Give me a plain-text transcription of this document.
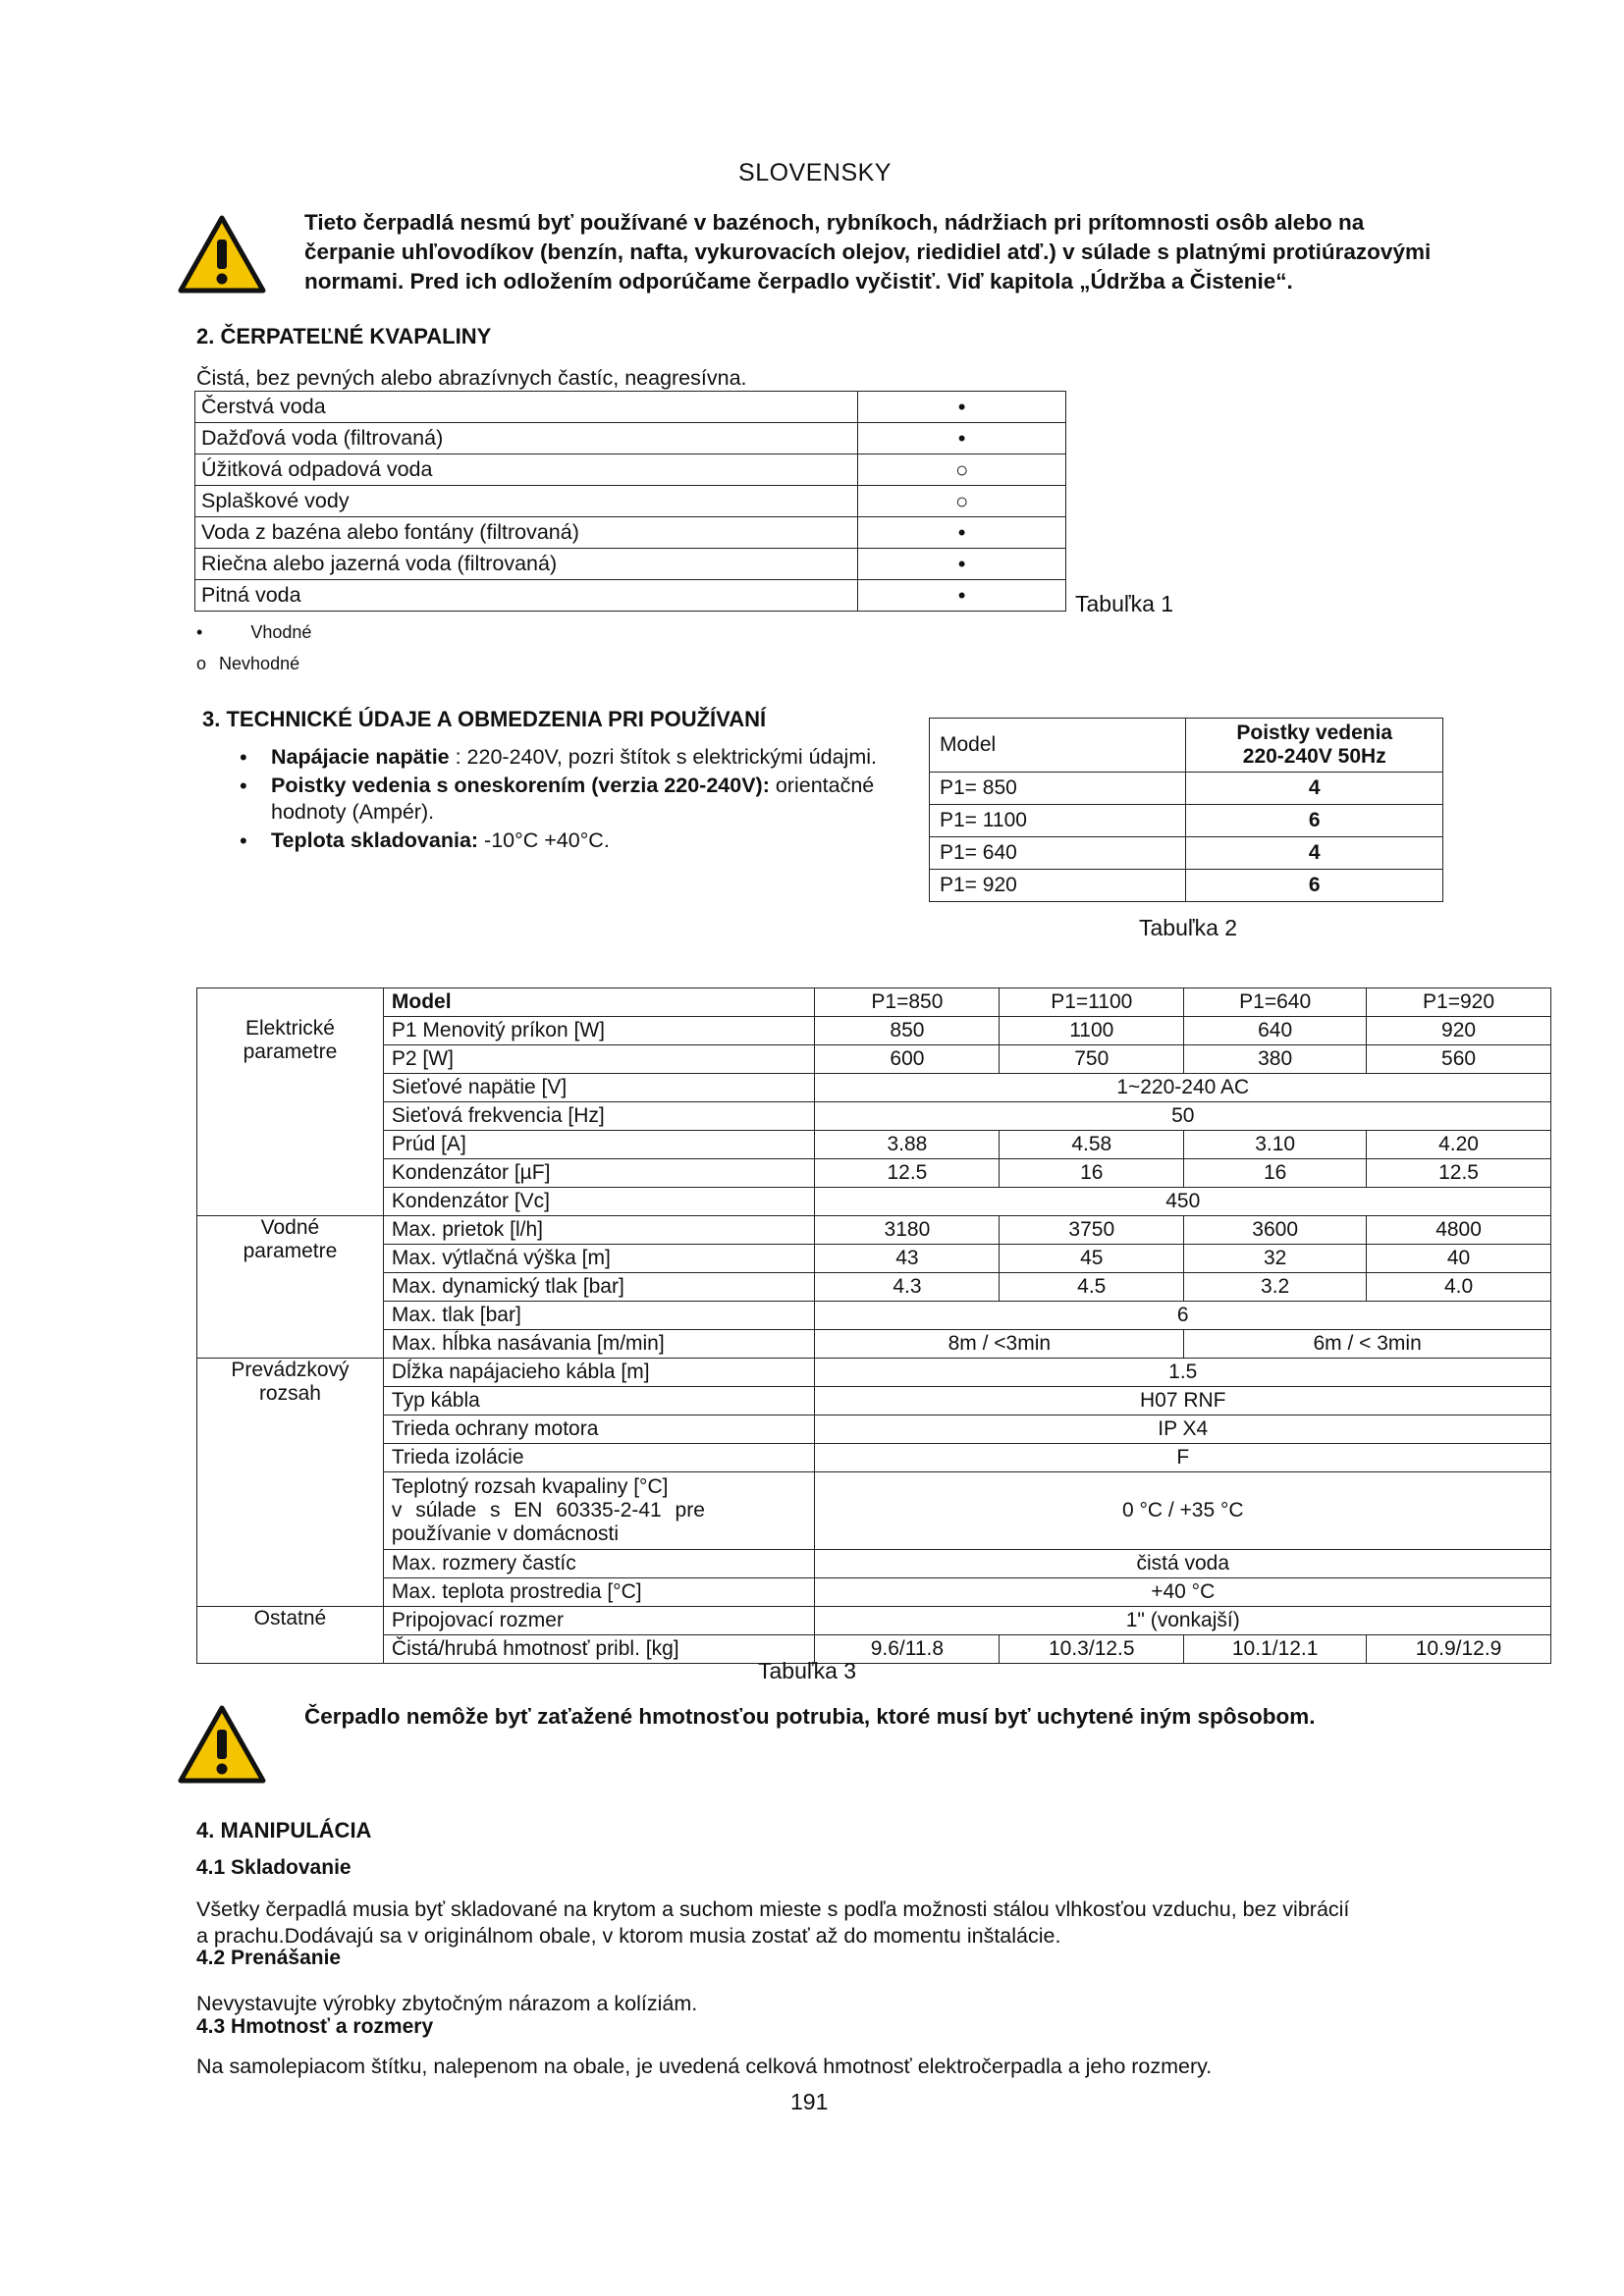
SLOVENSKY
Tieto čerpadlá nesmú byť používané v bazénoch, rybníkoch, nádržiach pri prítomnosti osôb alebo na čerpanie uhľovodíkov (benzín, nafta, vykurovacích olejov, riedidiel atď.) v súlade s platnými protiúrazovými normami. Pred ich odložením odporúčame čerpadlo vyčistiť. Viď kapitola „Údržba a Čistenie“.
2. ČERPATEĽNÉ KVAPALINY
Čistá, bez pevných alebo abrazívnych častíc, neagresívna.
Čerstvá voda	•
Dažďová voda (filtrovaná)	•
Úžitková odpadová voda	○
Splaškové vody	○
Voda z bazéna alebo fontány (filtrovaná)	•
Riečna alebo jazerná voda (filtrovaná)	•
Pitná voda	•	Tabuľka 1
•	Vhodné
o Nevhodné
3. TECHNICKÉ ÚDAJE A OBMEDZENIA PRI POUŽÍVANÍ
• Napájacie napätie : 220-240V, pozri štítok s elektrickými údajmi.
• Poistky vedenia s oneskorením (verzia 220-240V): orientačné hodnoty (Ampér).
• Teplota skladovania: -10°C +40°C.
Model	Poistky vedenia
220-240V 50Hz

P1= 850	4
P1= 1100	6
P1= 640	4
P1= 920	6
Tabuľka 2
	Model	P1=850	P1=1100	P1=640	P1=920

Elektrické
parametre	P1 Menovitý príkon [W]	850	1100	640	920
	P2 [W]	600	750	380	560
	Sieťové napätie [V]	1~220-240 AC			
	Sieťová frekvencia [Hz]	50			
	Prúd [A]	3.88	4.58	3.10	4.20
	Kondenzátor [µF]	12.5	16	16	12.5
	Kondenzátor [Vc]	450			

Vodné
parametre	Max. prietok [l/h]	3180	3750	3600	4800
	Max. výtlačná výška [m]	43	45	32	40
	Max. dynamický tlak [bar]	4.3	4.5	3.2	4.0
	Max. tlak [bar]	6			
	Max. hĺbka nasávania [m/min]	8m / <3min		6m / < 3min	

Prevádzkový
rozsah	Dĺžka napájacieho kábla [m]	1.5			
	Typ kábla	H07 RNF			
	Trieda ochrany motora	IP X4			
	Trieda izolácie	F			

	Teplotný rozsah kvapaliny [°C]
v súlade s EN 60335-2-41 pre
používanie v domácnosti	0 °C / +35 °C			
	Max. rozmery častíc	čistá voda			
	Max. teplota prostredia [°C]	+40 °C			
Ostatné	Pripojovací rozmer	1" (vonkajší)			
	Čistá/hrubá hmotnosť pribl. [kg]	9.6/11.8	10.3/12.5	10.1/12.1	10.9/12.9
Tabuľka 3
Čerpadlo nemôže byť zaťažené hmotnosťou potrubia, ktoré musí byť uchytené iným spôsobom.
4. MANIPULÁCIA
4.1 Skladovanie
Všetky čerpadlá musia byť skladované na krytom a suchom mieste s podľa možnosti stálou vlhkosťou vzduchu, bez vibrácií
a prachu.Dodávajú sa v originálnom obale, v ktorom musia zostať až do momentu inštalácie.
4.2 Prenášanie
Nevystavujte výrobky zbytočným nárazom a kolíziám.
4.3 Hmotnosť a rozmery
Na samolepiacom štítku, nalepenom na obale, je uvedená celková hmotnosť elektročerpadla a jeho rozmery.
191
